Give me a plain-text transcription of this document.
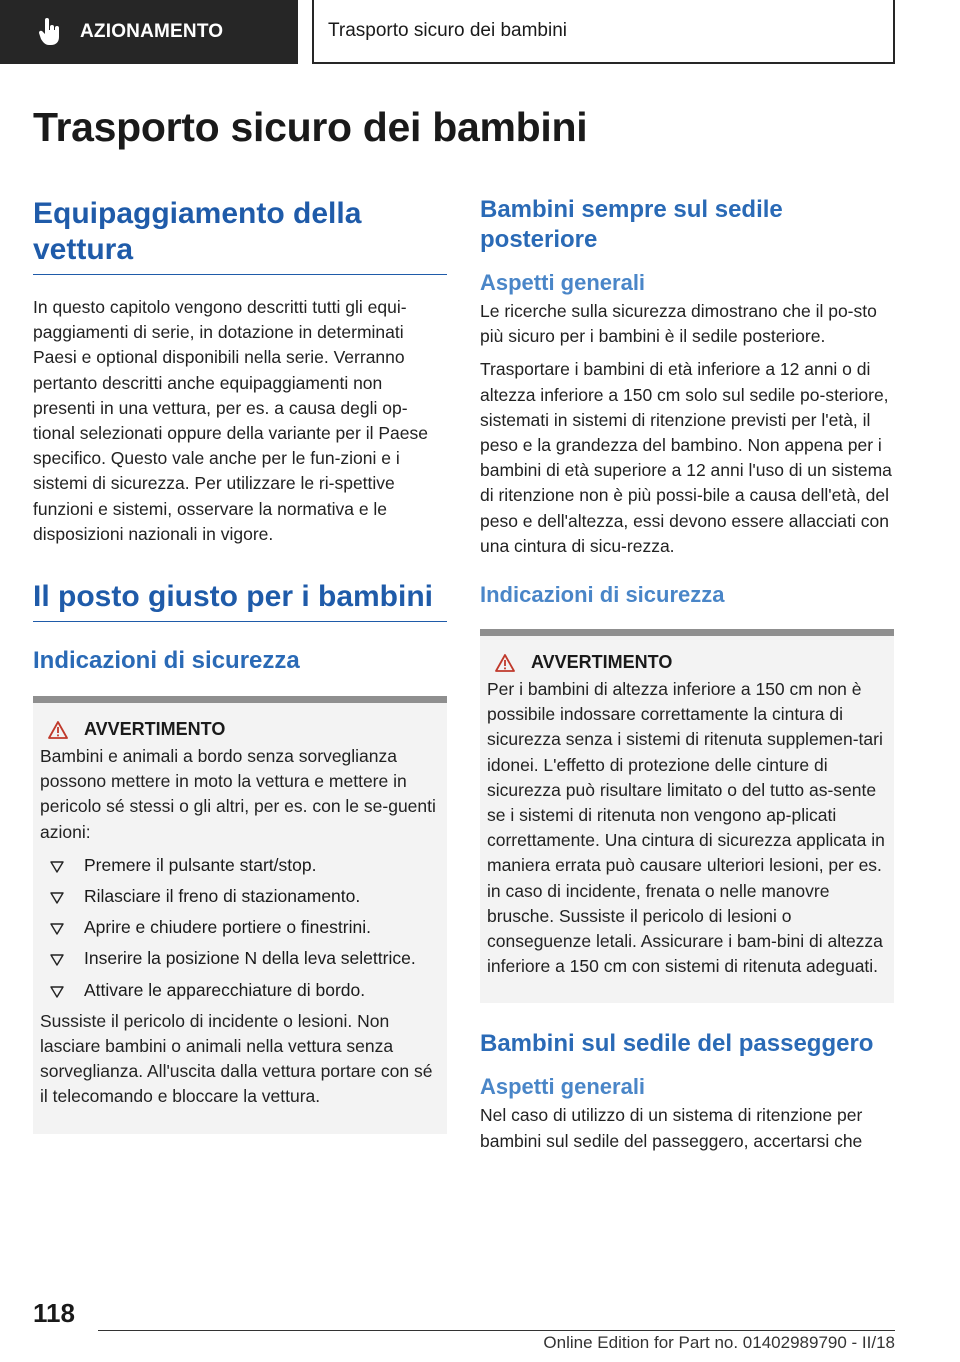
AZIONAMENTO	Trasporto sicuro dei bambini
Trasporto sicuro dei bambini
Equipaggiamento della vettura

In questo capitolo vengono descritti tutti gli equi-paggiamenti di serie, in dotazione in determinati Paesi e optional disponibili nella serie. Verranno pertanto descritti anche equipaggiamenti non presenti in una vettura, per es. a causa degli op-tional selezionati oppure della variante per il Paese specifico. Questo vale anche per le fun-zioni e i sistemi di sicurezza. Per utilizzare le ri-spettive funzioni e sistemi, osservare la normativa e le disposizioni nazionali in vigore.

Il posto giusto per i bambini
Indicazioni di sicurezza
AVVERTIMENTO

Bambini e animali a bordo senza sorveglianza possono mettere in moto la vettura e mettere in pericolo sé stessi o gli altri, per es. con le se-guenti azioni:

Premere il pulsante start/stop.
Rilasciare il freno di stazionamento.
Aprire e chiudere portiere o finestrini.
Inserire la posizione N della leva selettrice.
Attivare le apparecchiature di bordo.

Sussiste il pericolo di incidente o lesioni. Non lasciare bambini o animali nella vettura senza sorveglianza. All'uscita dalla vettura portare con sé il telecomando e bloccare la vettura.

Bambini sempre sul sedile posteriore
Aspetti generali

Le ricerche sulla sicurezza dimostrano che il po-sto più sicuro per i bambini è il sedile posteriore.

Trasportare i bambini di età inferiore a 12 anni o di altezza inferiore a 150 cm solo sul sedile po-steriore, sistemati in sistemi di ritenzione previsti per l'età, il peso e la grandezza del bambino. Non appena per i bambini di età superiore a 12 anni l'uso di un sistema di ritenzione non è più possi-bile a causa dell'età, del peso e dell'altezza, essi devono essere allacciati con una cintura di sicu-rezza.

Indicazioni di sicurezza
AVVERTIMENTO

Per i bambini di altezza inferiore a 150 cm non è possibile indossare correttamente la cintura di sicurezza senza i sistemi di ritenuta supplemen-tari idonei. L'effetto di protezione delle cinture di sicurezza può risultare limitato o del tutto as-sente se i sistemi di ritenuta non vengono ap-plicati correttamente. Una cintura di sicurezza applicata in maniera errata può causare ulteriori lesioni, per es. in caso di incidente, frenata o nelle manovre brusche. Sussiste il pericolo di lesioni o conseguenze letali. Assicurare i bam-bini di altezza inferiore a 150 cm con sistemi di ritenuta adeguati.

Bambini sul sedile del passeggero
Aspetti generali

Nel caso di utilizzo di un sistema di ritenzione per bambini sul sedile del passeggero, accertarsi che

118
Online Edition for Part no. 01402989790 - II/18
